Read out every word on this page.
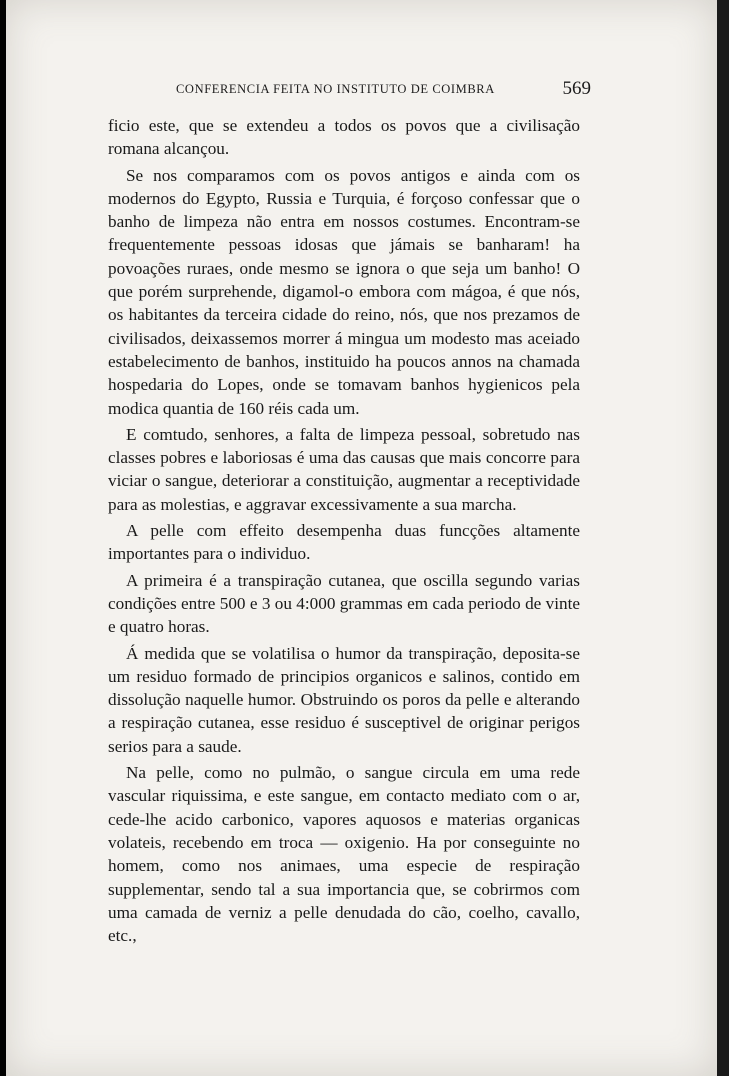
CONFERENCIA FEITA NO INSTITUTO DE COIMBRA	569

ficio este, que se extendeu a todos os povos que a civilisação romana alcançou.

Se nos comparamos com os povos antigos e ainda com os modernos do Egypto, Russia e Turquia, é forçoso confessar que o banho de limpeza não entra em nossos costumes. Encontram-se frequentemente pessoas idosas que jámais se banharam! ha povoações ruraes, onde mesmo se ignora o que seja um banho! O que porém surprehende, digamol-o embora com mágoa, é que nós, os habitantes da terceira cidade do reino, nós, que nos prezamos de civilisados, deixassemos morrer á mingua um modesto mas aceiado estabelecimento de banhos, instituido ha poucos annos na chamada hospedaria do Lopes, onde se tomavam banhos hygienicos pela modica quantia de 160 réis cada um.

E comtudo, senhores, a falta de limpeza pessoal, sobretudo nas classes pobres e laboriosas é uma das causas que mais concorre para viciar o sangue, deteriorar a constituição, augmentar a receptividade para as molestias, e aggravar excessivamente a sua marcha.

A pelle com effeito desempenha duas funcções altamente importantes para o individuo.

A primeira é a transpiração cutanea, que oscilla segundo varias condições entre 500 e 3 ou 4:000 grammas em cada periodo de vinte e quatro horas.

Á medida que se volatilisa o humor da transpiração, deposita-se um residuo formado de principios organicos e salinos, contido em dissolução naquelle humor. Obstruindo os poros da pelle e alterando a respiração cutanea, esse residuo é susceptivel de originar perigos serios para a saude.

Na pelle, como no pulmão, o sangue circula em uma rede vascular riquissima, e este sangue, em contacto mediato com o ar, cede-lhe acido carbonico, vapores aquosos e materias organicas volateis, recebendo em troca — oxigenio. Ha por conseguinte no homem, como nos animaes, uma especie de respiração supplementar, sendo tal a sua importancia que, se cobrirmos com uma camada de verniz a pelle denudada do cão, coelho, cavallo, etc.,
